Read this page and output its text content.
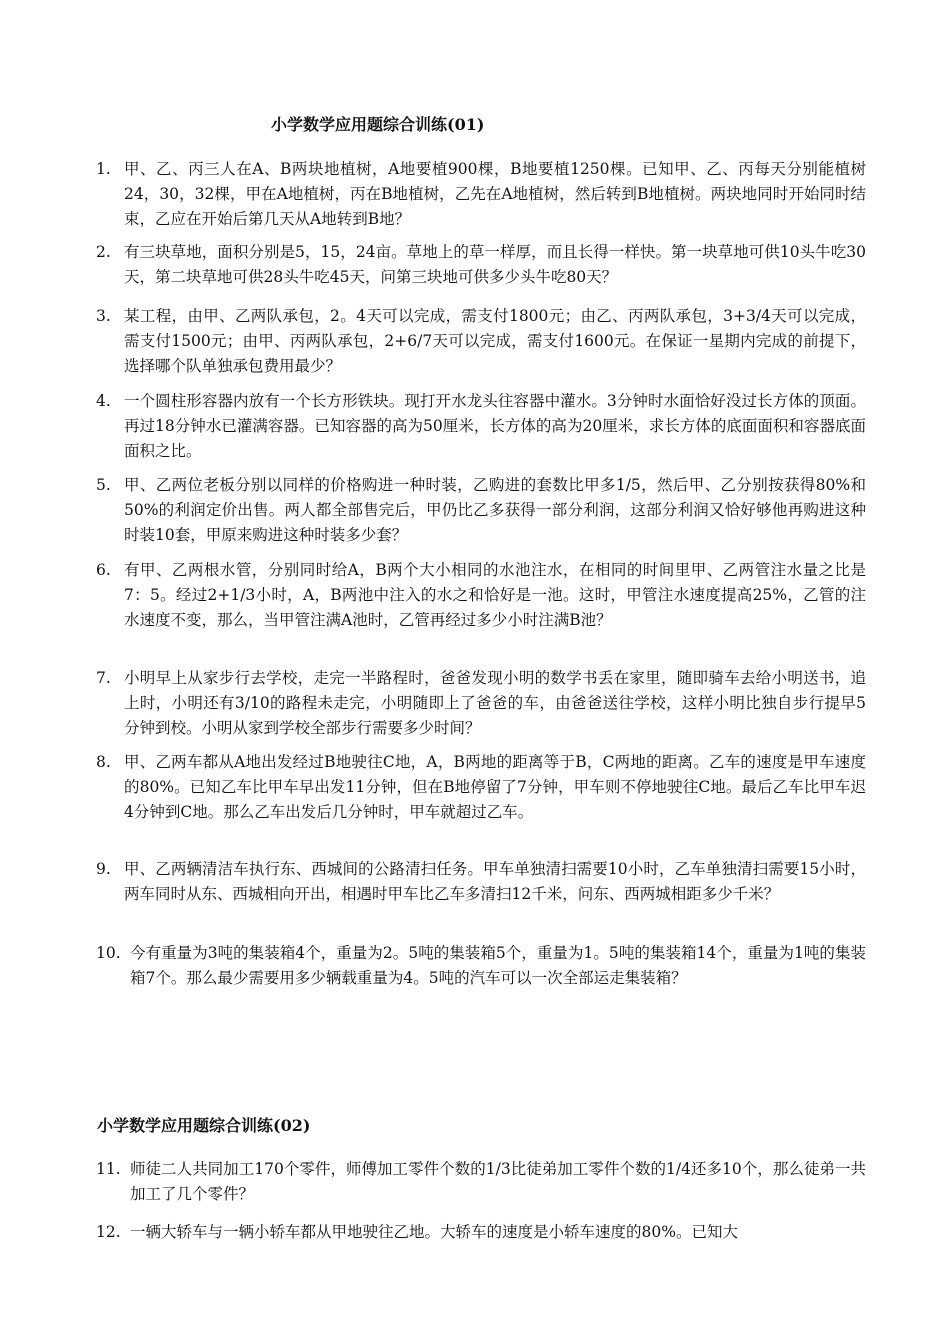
小学数学应用题综合训练(01)
1. 甲、乙、丙三人在A、B两块地植树，A地要植900棵，B地要植1250棵。已知甲、乙、丙每天分别能植树24，30，32棵，甲在A地植树，丙在B地植树，乙先在A地植树，然后转到B地植树。两块地同时开始同时结束，乙应在开始后第几天从A地转到B地？
2. 有三块草地，面积分别是5，15，24亩。草地上的草一样厚，而且长得一样快。第一块草地可供10头牛吃30天，第二块草地可供28头牛吃45天，问第三块地可供多少头牛吃80天？
3. 某工程，由甲、乙两队承包，2。4天可以完成，需支付1800元；由乙、丙两队承包，3+3/4天可以完成，需支付1500元；由甲、丙两队承包，2+6/7天可以完成，需支付1600元。在保证一星期内完成的前提下，选择哪个队单独承包费用最少？
4. 一个圆柱形容器内放有一个长方形铁块。现打开水龙头往容器中灌水。3分钟时水面恰好没过长方体的顶面。再过18分钟水已灌满容器。已知容器的高为50厘米，长方体的高为20厘米，求长方体的底面面积和容器底面面积之比。
5. 甲、乙两位老板分别以同样的价格购进一种时装，乙购进的套数比甲多1/5，然后甲、乙分别按获得80%和50%的利润定价出售。两人都全部售完后，甲仍比乙多获得一部分利润，这部分利润又恰好够他再购进这种时装10套，甲原来购进这种时装多少套？
6. 有甲、乙两根水管，分别同时给A，B两个大小相同的水池注水，在相同的时间里甲、乙两管注水量之比是7：5。经过2+1/3小时，A，B两池中注入的水之和恰好是一池。这时，甲管注水速度提高25%，乙管的注水速度不变，那么，当甲管注满A池时，乙管再经过多少小时注满B池？
7. 小明早上从家步行去学校，走完一半路程时，爸爸发现小明的数学书丢在家里，随即骑车去给小明送书，追上时，小明还有3/10的路程未走完，小明随即上了爸爸的车，由爸爸送往学校，这样小明比独自步行提早5分钟到校。小明从家到学校全部步行需要多少时间？
8. 甲、乙两车都从A地出发经过B地驶往C地，A，B两地的距离等于B，C两地的距离。乙车的速度是甲车速度的80%。已知乙车比甲车早出发11分钟，但在B地停留了7分钟，甲车则不停地驶往C地。最后乙车比甲车迟4分钟到C地。那么乙车出发后几分钟时，甲车就超过乙车。
9. 甲、乙两辆清洁车执行东、西城间的公路清扫任务。甲车单独清扫需要10小时，乙车单独清扫需要15小时，两车同时从东、西城相向开出，相遇时甲车比乙车多清扫12千米，问东、西两城相距多少千米？
10. 今有重量为3吨的集装箱4个，重量为2。5吨的集装箱5个，重量为1。5吨的集装箱14个，重量为1吨的集装箱7个。那么最少需要用多少辆载重量为4。5吨的汽车可以一次全部运走集装箱？
小学数学应用题综合训练(02)
11. 师徒二人共同加工170个零件，师傅加工零件个数的1/3比徒弟加工零件个数的1/4还多10个，那么徒弟一共加工了几个零件？
12. 一辆大轿车与一辆小轿车都从甲地驶往乙地。大轿车的速度是小轿车速度的80%。已知大
